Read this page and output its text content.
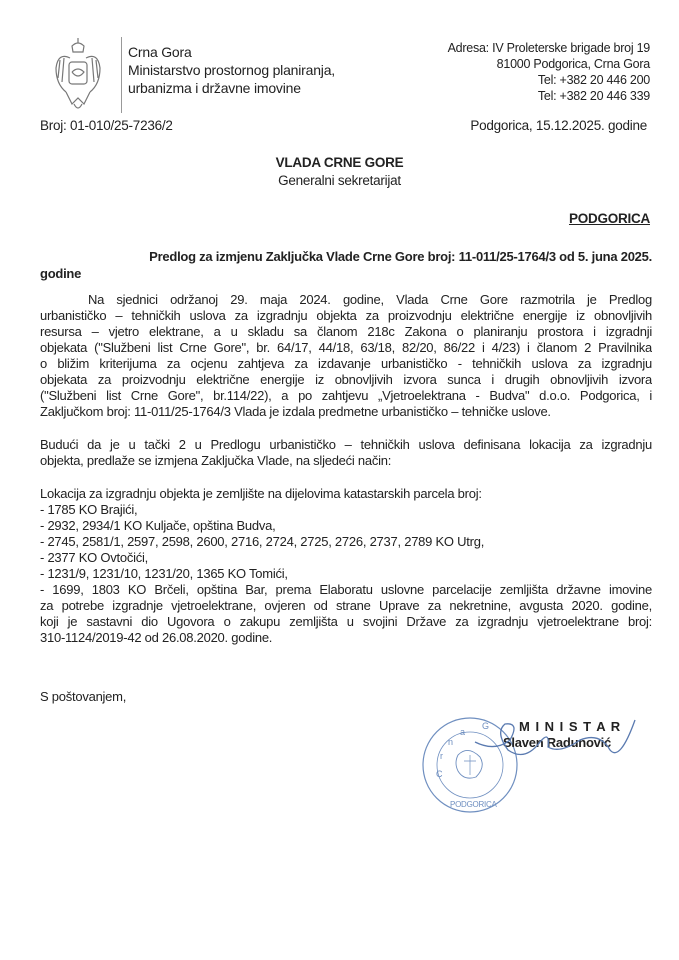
Crna Gora
Ministarstvo prostornog planiranja,
urbanizma i državne imovine
Adresa: IV Proleterske brigade broj 19
81000 Podgorica, Crna Gora
Tel: +382 20 446 200
Tel: +382 20 446 339
Broj: 01-010/25-7236/2	Podgorica, 15.12.2025. godine
VLADA CRNE GORE
Generalni sekretarijat
PODGORICA
Predlog za izmjenu Zaključka Vlade Crne Gore broj: 11-011/25-1764/3 od 5. juna 2025.
godine
Na sjednici održanoj 29. maja 2024. godine, Vlada Crne Gore razmotrila je Predlog
urbanističko – tehničkih uslova za izgradnju objekta za proizvodnju električne energije iz obnovljivih
resursa – vjetro elektrane, a u skladu sa članom 218c Zakona o planiranju prostora i izgradnji
objekata ("Službeni list Crne Gore", br. 64/17, 44/18, 63/18, 82/20, 86/22 i 4/23) i članom 2 Pravilnika
o bližim kriterijuma za ocjenu zahtjeva za izdavanje urbanističko - tehničkih uslova za izgradnju
objekata za proizvodnju električne energije iz obnovljivih izvora sunca i drugih obnovljivih izvora
("Službeni list Crne Gore", br.114/22), a po zahtjevu „Vjetroelektrana - Budva" d.o.o. Podgorica, i
Zaključkom broj: 11-011/25-1764/3 Vlada je izdala predmetne urbanističko – tehničke uslove.
Budući da je u tački 2 u Predlogu urbanističko – tehničkih uslova definisana lokacija za izgradnju
objekta, predlaže se izmjena Zaključka Vlade, na sljedeći način:
Lokacija za izgradnju objekta je zemljište na dijelovima katastarskih parcela broj:
- 1785 KO Brajići,
- 2932, 2934/1 KO Kuljače, opština Budva,
- 2745, 2581/1, 2597, 2598, 2600, 2716, 2724, 2725, 2726, 2737, 2789 KO Utrg,
- 2377 KO Ovtočići,
- 1231/9, 1231/10, 1231/20, 1365 KO Tomići,
- 1699, 1803 KO Brčeli, opština Bar, prema Elaboratu uslovne parcelacije zemljišta državne imovine
za potrebe izgradnje vjetroelektrane, ovjeren od strane Uprave za nekretnine, avgusta 2020. godine,
koji je sastavni dio Ugovora o zakupu zemljišta u svojini Države za izgradnju vjetroelektrane broj:
310-1124/2019-42 od 26.08.2020. godine.
S poštovanjem,
C
r
n
a
G
PODGORICA
M I N I S T A R
Slaven Radunović
